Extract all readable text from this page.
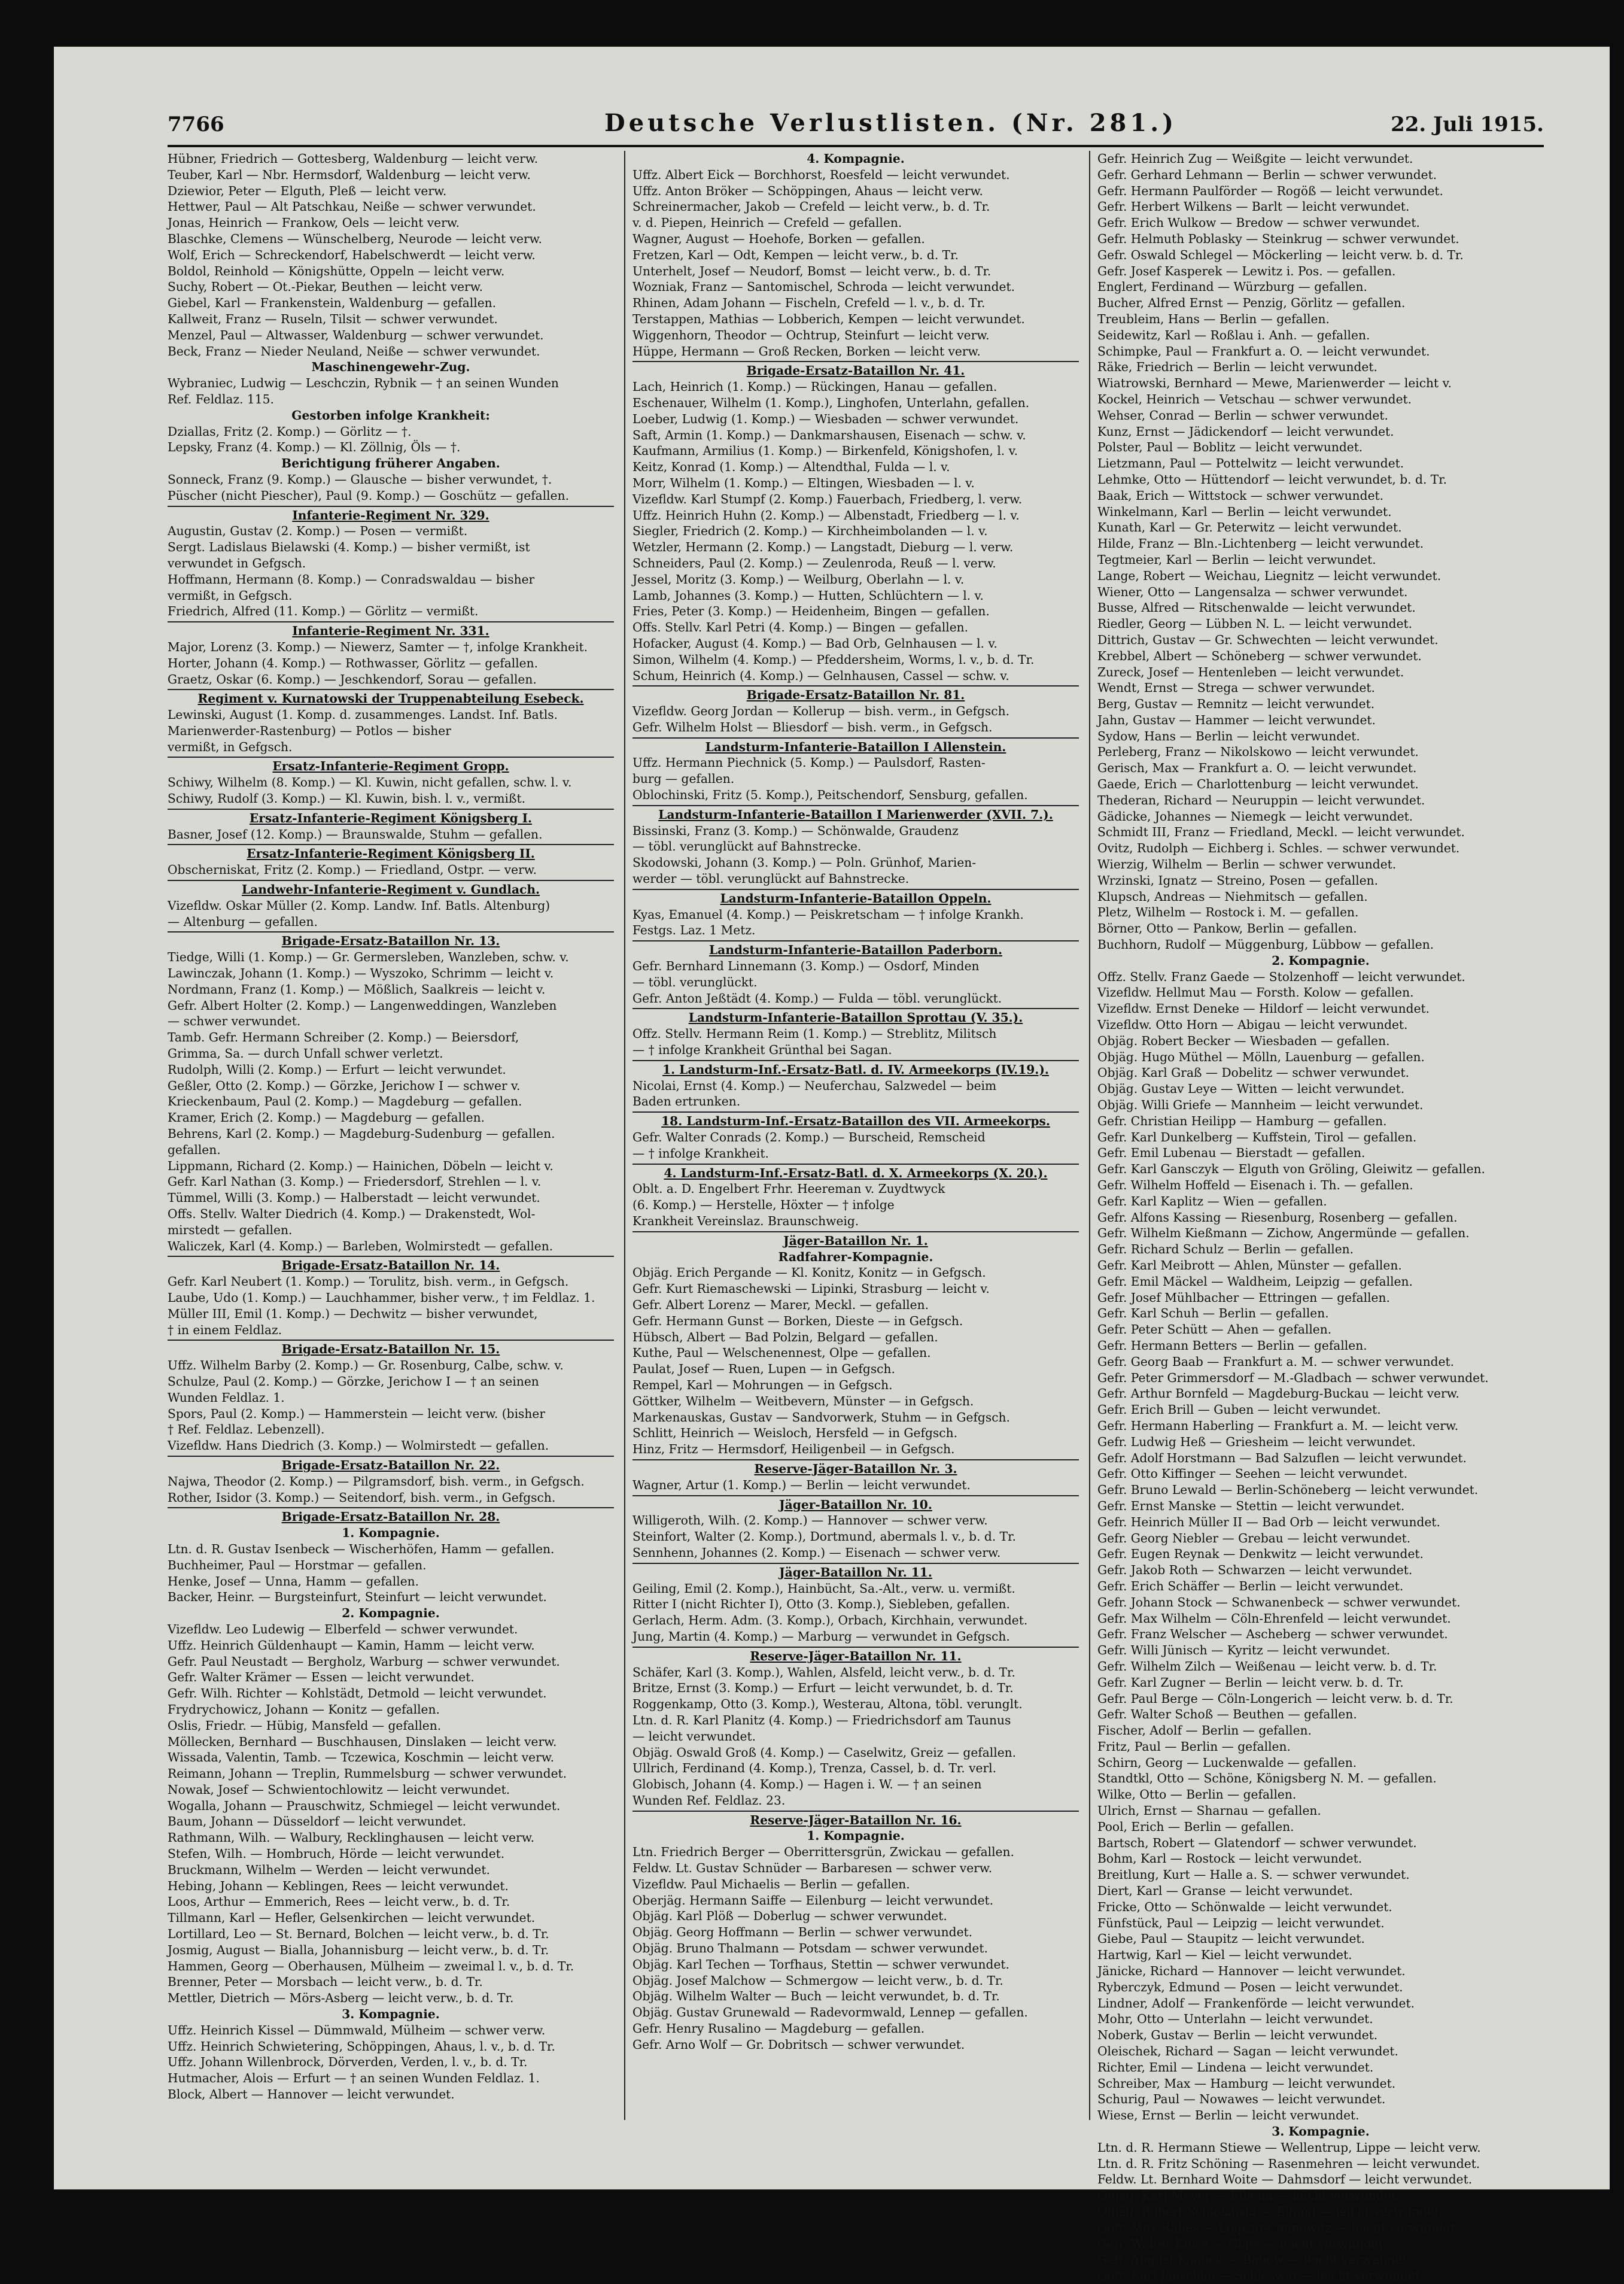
7766	Deutsche Verlustlisten. (Nr. 281.)	22. Juli 1915.
Hübner, Friedrich — Gottesberg, Waldenburg — leicht verw.
Teuber, Karl — Nbr. Hermsdorf, Waldenburg — leicht verw.
Dziewior, Peter — Elguth, Pleß — leicht verw.
Hettwer, Paul — Alt Patschkau, Neiße — schwer verwundet.
Jonas, Heinrich — Frankow, Oels — leicht verw.
Blaschke, Clemens — Wünschelberg, Neurode — leicht verw.
Wolf, Erich — Schreckendorf, Habelschwerdt — leicht verw.
Boldol, Reinhold — Königshütte, Oppeln — leicht verw.
Suchy, Robert — Ot.-Piekar, Beuthen — leicht verw.
Giebel, Karl — Frankenstein, Waldenburg — gefallen.
Kallweit, Franz — Ruseln, Tilsit — schwer verwundet.
Menzel, Paul — Altwasser, Waldenburg — schwer verwundet.
Beck, Franz — Nieder Neuland, Neiße — schwer verwundet.
Maschinengewehr-Zug.
Wybraniec, Ludwig — Leschczin, Rybnik — † an seinen Wunden
Ref. Feldlaz. 115.
Gestorben infolge Krankheit:
Dziallas, Fritz (2. Komp.) — Görlitz — †.
Lepsky, Franz (4. Komp.) — Kl. Zöllnig, Öls — †.
Berichtigung früherer Angaben.
Sonneck, Franz (9. Komp.) — Glausche — bisher verwundet, †.
Püscher (nicht Piescher), Paul (9. Komp.) — Goschütz — gefallen.
Infanterie-Regiment Nr. 329.
Augustin, Gustav (2. Komp.) — Posen — vermißt.
Sergt. Ladislaus Bielawski (4. Komp.) — bisher vermißt, ist
verwundet in Gefgsch.
Hoffmann, Hermann (8. Komp.) — Conradswaldau — bisher
vermißt, in Gefgsch.
Friedrich, Alfred (11. Komp.) — Görlitz — vermißt.
Infanterie-Regiment Nr. 331.
Major, Lorenz (3. Komp.) — Niewerz, Samter — †, infolge Krankheit.
Horter, Johann (4. Komp.) — Rothwasser, Görlitz — gefallen.
Graetz, Oskar (6. Komp.) — Jeschkendorf, Sorau — gefallen.
Regiment v. Kurnatowski der Truppenabteilung Esebeck.
Lewinski, August (1. Komp. d. zusammenges. Landst. Inf. Batls.
Marienwerder-Rastenburg) — Potlos — bisher
vermißt, in Gefgsch.
Ersatz-Infanterie-Regiment Gropp.
Schiwy, Wilhelm (8. Komp.) — Kl. Kuwin, nicht gefallen, schw. l. v.
Schiwy, Rudolf (3. Komp.) — Kl. Kuwin, bish. l. v., vermißt.
Ersatz-Infanterie-Regiment Königsberg I.
Basner, Josef (12. Komp.) — Braunswalde, Stuhm — gefallen.
Ersatz-Infanterie-Regiment Königsberg II.
Obscherniskat, Fritz (2. Komp.) — Friedland, Ostpr. — verw.
Landwehr-Infanterie-Regiment v. Gundlach.
Vizefldw. Oskar Müller (2. Komp. Landw. Inf. Batls. Altenburg)
— Altenburg — gefallen.
Brigade-Ersatz-Bataillon Nr. 13.
Tiedge, Willi (1. Komp.) — Gr. Germersleben, Wanzleben, schw. v.
Lawinczak, Johann (1. Komp.) — Wyszoko, Schrimm — leicht v.
Nordmann, Franz (1. Komp.) — Mößlich, Saalkreis — leicht v.
Gefr. Albert Holter (2. Komp.) — Langenweddingen, Wanzleben
— schwer verwundet.
Tamb. Gefr. Hermann Schreiber (2. Komp.) — Beiersdorf,
Grimma, Sa. — durch Unfall schwer verletzt.
Rudolph, Willi (2. Komp.) — Erfurt — leicht verwundet.
Geßler, Otto (2. Komp.) — Görzke, Jerichow I — schwer v.
Krieckenbaum, Paul (2. Komp.) — Magdeburg — gefallen.
Kramer, Erich (2. Komp.) — Magdeburg — gefallen.
Behrens, Karl (2. Komp.) — Magdeburg-Sudenburg — gefallen.
gefallen.
Lippmann, Richard (2. Komp.) — Hainichen, Döbeln — leicht v.
Gefr. Karl Nathan (3. Komp.) — Friedersdorf, Strehlen — l. v.
Tümmel, Willi (3. Komp.) — Halberstadt — leicht verwundet.
Offs. Stellv. Walter Diedrich (4. Komp.) — Drakenstedt, Wol-
mirstedt — gefallen.
Waliczek, Karl (4. Komp.) — Barleben, Wolmirstedt — gefallen.
Brigade-Ersatz-Bataillon Nr. 14.
Gefr. Karl Neubert (1. Komp.) — Torulitz, bish. verm., in Gefgsch.
Laube, Udo (1. Komp.) — Lauchhammer, bisher verw., † im Feldlaz. 1.
Müller III, Emil (1. Komp.) — Dechwitz — bisher verwundet,
† in einem Feldlaz.
Brigade-Ersatz-Bataillon Nr. 15.
Uffz. Wilhelm Barby (2. Komp.) — Gr. Rosenburg, Calbe, schw. v.
Schulze, Paul (2. Komp.) — Görzke, Jerichow I — † an seinen
Wunden Feldlaz. 1.
Spors, Paul (2. Komp.) — Hammerstein — leicht verw. (bisher
† Ref. Feldlaz. Lebenzell).
Vizefldw. Hans Diedrich (3. Komp.) — Wolmirstedt — gefallen.
Brigade-Ersatz-Bataillon Nr. 22.
Najwa, Theodor (2. Komp.) — Pilgramsdorf, bish. verm., in Gefgsch.
Rother, Isidor (3. Komp.) — Seitendorf, bish. verm., in Gefgsch.
Brigade-Ersatz-Bataillon Nr. 28.
1. Kompagnie.
Ltn. d. R. Gustav Isenbeck — Wischerhöfen, Hamm — gefallen.
Buchheimer, Paul — Horstmar — gefallen.
Henke, Josef — Unna, Hamm — gefallen.
Backer, Heinr. — Burgsteinfurt, Steinfurt — leicht verwundet.
2. Kompagnie.
Vizefldw. Leo Ludewig — Elberfeld — schwer verwundet.
Uffz. Heinrich Güldenhaupt — Kamin, Hamm — leicht verw.
Gefr. Paul Neustadt — Bergholz, Warburg — schwer verwundet.
Gefr. Walter Krämer — Essen — leicht verwundet.
Gefr. Wilh. Richter — Kohlstädt, Detmold — leicht verwundet.
Frydrychowicz, Johann — Konitz — gefallen.
Oslis, Friedr. — Hübig, Mansfeld — gefallen.
Möllecken, Bernhard — Buschhausen, Dinslaken — leicht verw.
Wissada, Valentin, Tamb. — Tczewica, Koschmin — leicht verw.
Reimann, Johann — Treplin, Rummelsburg — schwer verwundet.
Nowak, Josef — Schwientochlowitz — leicht verwundet.
Wogalla, Johann — Prauschwitz, Schmiegel — leicht verwundet.
Baum, Johann — Düsseldorf — leicht verwundet.
Rathmann, Wilh. — Walbury, Recklinghausen — leicht verw.
Stefen, Wilh. — Hombruch, Hörde — leicht verwundet.
Bruckmann, Wilhelm — Werden — leicht verwundet.
Hebing, Johann — Keblingen, Rees — leicht verwundet.
Loos, Arthur — Emmerich, Rees — leicht verw., b. d. Tr.
Tillmann, Karl — Hefler, Gelsenkirchen — leicht verwundet.
Lortillard, Leo — St. Bernard, Bolchen — leicht verw., b. d. Tr.
Josmig, August — Bialla, Johannisburg — leicht verw., b. d. Tr.
Hammen, Georg — Oberhausen, Mülheim — zweimal l. v., b. d. Tr.
Brenner, Peter — Morsbach — leicht verw., b. d. Tr.
Mettler, Dietrich — Mörs-Asberg — leicht verw., b. d. Tr.
3. Kompagnie.
Uffz. Heinrich Kissel — Dümmwald, Mülheim — schwer verw.
Uffz. Heinrich Schwietering, Schöppingen, Ahaus, l. v., b. d. Tr.
Uffz. Johann Willenbrock, Dörverden, Verden, l. v., b. d. Tr.
Hutmacher, Alois — Erfurt — † an seinen Wunden Feldlaz. 1.
Block, Albert — Hannover — leicht verwundet.
4. Kompagnie.
Uffz. Albert Eick — Borchhorst, Roesfeld — leicht verwundet.
Uffz. Anton Bröker — Schöppingen, Ahaus — leicht verw.
Schreinermacher, Jakob — Crefeld — leicht verw., b. d. Tr.
v. d. Piepen, Heinrich — Crefeld — gefallen.
Wagner, August — Hoehofe, Borken — gefallen.
Fretzen, Karl — Odt, Kempen — leicht verw., b. d. Tr.
Unterhelt, Josef — Neudorf, Bomst — leicht verw., b. d. Tr.
Wozniak, Franz — Santomischel, Schroda — leicht verwundet.
Rhinen, Adam Johann — Fischeln, Crefeld — l. v., b. d. Tr.
Terstappen, Mathias — Lobberich, Kempen — leicht verwundet.
Wiggenhorn, Theodor — Ochtrup, Steinfurt — leicht verw.
Hüppe, Hermann — Groß Recken, Borken — leicht verw.
Brigade-Ersatz-Bataillon Nr. 41.
Lach, Heinrich (1. Komp.) — Rückingen, Hanau — gefallen.
Eschenauer, Wilhelm (1. Komp.), Linghofen, Unterlahn, gefallen.
Loeber, Ludwig (1. Komp.) — Wiesbaden — schwer verwundet.
Saft, Armin (1. Komp.) — Dankmarshausen, Eisenach — schw. v.
Kaufmann, Armilius (1. Komp.) — Birkenfeld, Königshofen, l. v.
Keitz, Konrad (1. Komp.) — Altendthal, Fulda — l. v.
Morr, Wilhelm (1. Komp.) — Eltingen, Wiesbaden — l. v.
Vizefldw. Karl Stumpf (2. Komp.) Fauerbach, Friedberg, l. verw.
Uffz. Heinrich Huhn (2. Komp.) — Albenstadt, Friedberg — l. v.
Siegler, Friedrich (2. Komp.) — Kirchheimbolanden — l. v.
Wetzler, Hermann (2. Komp.) — Langstadt, Dieburg — l. verw.
Schneiders, Paul (2. Komp.) — Zeulenroda, Reuß — l. verw.
Jessel, Moritz (3. Komp.) — Weilburg, Oberlahn — l. v.
Lamb, Johannes (3. Komp.) — Hutten, Schlüchtern — l. v.
Fries, Peter (3. Komp.) — Heidenheim, Bingen — gefallen.
Offs. Stellv. Karl Petri (4. Komp.) — Bingen — gefallen.
Hofacker, August (4. Komp.) — Bad Orb, Gelnhausen — l. v.
Simon, Wilhelm (4. Komp.) — Pfeddersheim, Worms, l. v., b. d. Tr.
Schum, Heinrich (4. Komp.) — Gelnhausen, Cassel — schw. v.
Brigade-Ersatz-Bataillon Nr. 81.
Vizefldw. Georg Jordan — Kollerup — bish. verm., in Gefgsch.
Gefr. Wilhelm Holst — Bliesdorf — bish. verm., in Gefgsch.
Landsturm-Infanterie-Bataillon I Allenstein.
Uffz. Hermann Piechnick (5. Komp.) — Paulsdorf, Rasten-
burg — gefallen.
Oblochinski, Fritz (5. Komp.), Peitschendorf, Sensburg, gefallen.
Landsturm-Infanterie-Bataillon I Marienwerder (XVII. 7.).
Bissinski, Franz (3. Komp.) — Schönwalde, Graudenz
— töbl. verunglückt auf Bahnstrecke.
Skodowski, Johann (3. Komp.) — Poln. Grünhof, Marien-
werder — töbl. verunglückt auf Bahnstrecke.
Landsturm-Infanterie-Bataillon Oppeln.
Kyas, Emanuel (4. Komp.) — Peiskretscham — † infolge Krankh.
Festgs. Laz. 1 Metz.
Landsturm-Infanterie-Bataillon Paderborn.
Gefr. Bernhard Linnemann (3. Komp.) — Osdorf, Minden
— töbl. verunglückt.
Gefr. Anton Jeßtädt (4. Komp.) — Fulda — töbl. verunglückt.
Landsturm-Infanterie-Bataillon Sprottau (V. 35.).
Offz. Stellv. Hermann Reim (1. Komp.) — Streblitz, Militsch
— † infolge Krankheit Grünthal bei Sagan.
1. Landsturm-Inf.-Ersatz-Batl. d. IV. Armeekorps (IV.19.).
Nicolai, Ernst (4. Komp.) — Neuferchau, Salzwedel — beim
Baden ertrunken.
18. Landsturm-Inf.-Ersatz-Bataillon des VII. Armeekorps.
Gefr. Walter Conrads (2. Komp.) — Burscheid, Remscheid
— † infolge Krankheit.
4. Landsturm-Inf.-Ersatz-Batl. d. X. Armeekorps (X. 20.).
Oblt. a. D. Engelbert Frhr. Heereman v. Zuydtwyck
(6. Komp.) — Herstelle, Höxter — † infolge
Krankheit Vereinslaz. Braunschweig.
Jäger-Bataillon Nr. 1.
Radfahrer-Kompagnie.
Objäg. Erich Pergande — Kl. Konitz, Konitz — in Gefgsch.
Gefr. Kurt Riemaschewski — Lipinki, Strasburg — leicht v.
Gefr. Albert Lorenz — Marer, Meckl. — gefallen.
Gefr. Hermann Gunst — Borken, Dieste — in Gefgsch.
Hübsch, Albert — Bad Polzin, Belgard — gefallen.
Kuthe, Paul — Welschenennest, Olpe — gefallen.
Paulat, Josef — Ruen, Lupen — in Gefgsch.
Rempel, Karl — Mohrungen — in Gefgsch.
Göttker, Wilhelm — Weitbevern, Münster — in Gefgsch.
Markenauskas, Gustav — Sandvorwerk, Stuhm — in Gefgsch.
Schlitt, Heinrich — Weisloch, Hersfeld — in Gefgsch.
Hinz, Fritz — Hermsdorf, Heiligenbeil — in Gefgsch.
Reserve-Jäger-Bataillon Nr. 3.
Wagner, Artur (1. Komp.) — Berlin — leicht verwundet.
Jäger-Bataillon Nr. 10.
Willigeroth, Wilh. (2. Komp.) — Hannover — schwer verw.
Steinfort, Walter (2. Komp.), Dortmund, abermals l. v., b. d. Tr.
Sennhenn, Johannes (2. Komp.) — Eisenach — schwer verw.
Jäger-Bataillon Nr. 11.
Geiling, Emil (2. Komp.), Hainbücht, Sa.-Alt., verw. u. vermißt.
Ritter I (nicht Richter I), Otto (3. Komp.), Siebleben, gefallen.
Gerlach, Herm. Adm. (3. Komp.), Orbach, Kirchhain, verwundet.
Jung, Martin (4. Komp.) — Marburg — verwundet in Gefgsch.
Reserve-Jäger-Bataillon Nr. 11.
Schäfer, Karl (3. Komp.), Wahlen, Alsfeld, leicht verw., b. d. Tr.
Britze, Ernst (3. Komp.) — Erfurt — leicht verwundet, b. d. Tr.
Roggenkamp, Otto (3. Komp.), Westerau, Altona, töbl. verunglt.
Ltn. d. R. Karl Planitz (4. Komp.) — Friedrichsdorf am Taunus
— leicht verwundet.
Objäg. Oswald Groß (4. Komp.) — Caselwitz, Greiz — gefallen.
Ullrich, Ferdinand (4. Komp.), Trenza, Cassel, b. d. Tr. verl.
Globisch, Johann (4. Komp.) — Hagen i. W. — † an seinen
Wunden Ref. Feldlaz. 23.
Reserve-Jäger-Bataillon Nr. 16.
1. Kompagnie.
Ltn. Friedrich Berger — Oberrittersgrün, Zwickau — gefallen.
Feldw. Lt. Gustav Schnüder — Barbaresen — schwer verw.
Vizefldw. Paul Michaelis — Berlin — gefallen.
Oberjäg. Hermann Saiffe — Eilenburg — leicht verwundet.
Objäg. Karl Plöß — Doberlug — schwer verwundet.
Objäg. Georg Hoffmann — Berlin — schwer verwundet.
Objäg. Bruno Thalmann — Potsdam — schwer verwundet.
Objäg. Karl Techen — Torfhaus, Stettin — schwer verwundet.
Objäg. Josef Malchow — Schmergow — leicht verw., b. d. Tr.
Objäg. Wilhelm Walter — Buch — leicht verwundet, b. d. Tr.
Objäg. Gustav Grunewald — Radevormwald, Lennep — gefallen.
Gefr. Henry Rusalino — Magdeburg — gefallen.
Gefr. Arno Wolf — Gr. Dobritsch — schwer verwundet.
Gefr. Heinrich Zug — Weißgite — leicht verwundet.
Gefr. Gerhard Lehmann — Berlin — schwer verwundet.
Gefr. Hermann Paulförder — Rogöß — leicht verwundet.
Gefr. Herbert Wilkens — Barlt — leicht verwundet.
Gefr. Erich Wulkow — Bredow — schwer verwundet.
Gefr. Helmuth Poblasky — Steinkrug — schwer verwundet.
Gefr. Oswald Schlegel — Möckerling — leicht verw. b. d. Tr.
Gefr. Josef Kasperek — Lewitz i. Pos. — gefallen.
Englert, Ferdinand — Würzburg — gefallen.
Bucher, Alfred Ernst — Penzig, Görlitz — gefallen.
Treubleim, Hans — Berlin — gefallen.
Seidewitz, Karl — Roßlau i. Anh. — gefallen.
Schimpke, Paul — Frankfurt a. O. — leicht verwundet.
Räke, Friedrich — Berlin — leicht verwundet.
Wiatrowski, Bernhard — Mewe, Marienwerder — leicht v.
Kockel, Heinrich — Vetschau — schwer verwundet.
Wehser, Conrad — Berlin — schwer verwundet.
Kunz, Ernst — Jädickendorf — leicht verwundet.
Polster, Paul — Boblitz — leicht verwundet.
Lietzmann, Paul — Pottelwitz — leicht verwundet.
Lehmke, Otto — Hüttendorf — leicht verwundet, b. d. Tr.
Baak, Erich — Wittstock — schwer verwundet.
Winkelmann, Karl — Berlin — leicht verwundet.
Kunath, Karl — Gr. Peterwitz — leicht verwundet.
Hilde, Franz — Bln.-Lichtenberg — leicht verwundet.
Tegtmeier, Karl — Berlin — leicht verwundet.
Lange, Robert — Weichau, Liegnitz — leicht verwundet.
Wiener, Otto — Langensalza — schwer verwundet.
Busse, Alfred — Ritschenwalde — leicht verwundet.
Riedler, Georg — Lübben N. L. — leicht verwundet.
Dittrich, Gustav — Gr. Schwechten — leicht verwundet.
Krebbel, Albert — Schöneberg — schwer verwundet.
Zureck, Josef — Hentenleben — leicht verwundet.
Wendt, Ernst — Strega — schwer verwundet.
Berg, Gustav — Remnitz — leicht verwundet.
Jahn, Gustav — Hammer — leicht verwundet.
Sydow, Hans — Berlin — leicht verwundet.
Perleberg, Franz — Nikolskowo — leicht verwundet.
Gerisch, Max — Frankfurt a. O. — leicht verwundet.
Gaede, Erich — Charlottenburg — leicht verwundet.
Thederan, Richard — Neuruppin — leicht verwundet.
Gädicke, Johannes — Niemegk — leicht verwundet.
Schmidt III, Franz — Friedland, Meckl. — leicht verwundet.
Ovitz, Rudolph — Eichberg i. Schles. — schwer verwundet.
Wierzig, Wilhelm — Berlin — schwer verwundet.
Wrzinski, Ignatz — Streino, Posen — gefallen.
Klupsch, Andreas — Niehmitsch — gefallen.
Pletz, Wilhelm — Rostock i. M. — gefallen.
Börner, Otto — Pankow, Berlin — gefallen.
Buchhorn, Rudolf — Müggenburg, Lübbow — gefallen.
2. Kompagnie.
Offz. Stellv. Franz Gaede — Stolzenhoff — leicht verwundet.
Vizefldw. Hellmut Mau — Forsth. Kolow — gefallen.
Vizefldw. Ernst Deneke — Hildorf — leicht verwundet.
Vizefldw. Otto Horn — Abigau — leicht verwundet.
Objäg. Robert Becker — Wiesbaden — gefallen.
Objäg. Hugo Müthel — Mölln, Lauenburg — gefallen.
Objäg. Karl Graß — Dobelitz — schwer verwundet.
Objäg. Gustav Leye — Witten — leicht verwundet.
Objäg. Willi Griefe — Mannheim — leicht verwundet.
Gefr. Christian Heilipp — Hamburg — gefallen.
Gefr. Karl Dunkelberg — Kuffstein, Tirol — gefallen.
Gefr. Emil Lubenau — Bierstadt — gefallen.
Gefr. Karl Gansczyk — Elguth von Gröling, Gleiwitz — gefallen.
Gefr. Wilhelm Hoffeld — Eisenach i. Th. — gefallen.
Gefr. Karl Kaplitz — Wien — gefallen.
Gefr. Alfons Kassing — Riesenburg, Rosenberg — gefallen.
Gefr. Wilhelm Kießmann — Zichow, Angermünde — gefallen.
Gefr. Richard Schulz — Berlin — gefallen.
Gefr. Karl Meibrott — Ahlen, Münster — gefallen.
Gefr. Emil Mäckel — Waldheim, Leipzig — gefallen.
Gefr. Josef Mühlbacher — Ettringen — gefallen.
Gefr. Karl Schuh — Berlin — gefallen.
Gefr. Peter Schütt — Ahen — gefallen.
Gefr. Hermann Betters — Berlin — gefallen.
Gefr. Georg Baab — Frankfurt a. M. — schwer verwundet.
Gefr. Peter Grimmersdorf — M.-Gladbach — schwer verwundet.
Gefr. Arthur Bornfeld — Magdeburg-Buckau — leicht verw.
Gefr. Erich Brill — Guben — leicht verwundet.
Gefr. Hermann Haberling — Frankfurt a. M. — leicht verw.
Gefr. Ludwig Heß — Griesheim — leicht verwundet.
Gefr. Adolf Horstmann — Bad Salzuflen — leicht verwundet.
Gefr. Otto Kiffinger — Seehen — leicht verwundet.
Gefr. Bruno Lewald — Berlin-Schöneberg — leicht verwundet.
Gefr. Ernst Manske — Stettin — leicht verwundet.
Gefr. Heinrich Müller II — Bad Orb — leicht verwundet.
Gefr. Georg Niebler — Grebau — leicht verwundet.
Gefr. Eugen Reynak — Denkwitz — leicht verwundet.
Gefr. Jakob Roth — Schwarzen — leicht verwundet.
Gefr. Erich Schäffer — Berlin — leicht verwundet.
Gefr. Johann Stock — Schwanenbeck — schwer verwundet.
Gefr. Max Wilhelm — Cöln-Ehrenfeld — leicht verwundet.
Gefr. Franz Welscher — Ascheberg — schwer verwundet.
Gefr. Willi Jünisch — Kyritz — leicht verwundet.
Gefr. Wilhelm Zilch — Weißenau — leicht verw. b. d. Tr.
Gefr. Karl Zugner — Berlin — leicht verw. b. d. Tr.
Gefr. Paul Berge — Cöln-Longerich — leicht verw. b. d. Tr.
Gefr. Walter Schoß — Beuthen — gefallen.
Fischer, Adolf — Berlin — gefallen.
Fritz, Paul — Berlin — gefallen.
Schirn, Georg — Luckenwalde — gefallen.
Standtkl, Otto — Schöne, Königsberg N. M. — gefallen.
Wilke, Otto — Berlin — gefallen.
Ulrich, Ernst — Sharnau — gefallen.
Pool, Erich — Berlin — gefallen.
Bartsch, Robert — Glatendorf — schwer verwundet.
Bohm, Karl — Rostock — leicht verwundet.
Breitlung, Kurt — Halle a. S. — schwer verwundet.
Diert, Karl — Granse — leicht verwundet.
Fricke, Otto — Schönwalde — leicht verwundet.
Fünfstück, Paul — Leipzig — leicht verwundet.
Giebe, Paul — Staupitz — leicht verwundet.
Hartwig, Karl — Kiel — leicht verwundet.
Jänicke, Richard — Hannover — leicht verwundet.
Ryberczyk, Edmund — Posen — leicht verwundet.
Lindner, Adolf — Frankenförde — leicht verwundet.
Mohr, Otto — Unterlahn — leicht verwundet.
Noberk, Gustav — Berlin — leicht verwundet.
Oleischek, Richard — Sagan — leicht verwundet.
Richter, Emil — Lindena — leicht verwundet.
Schreiber, Max — Hamburg — leicht verwundet.
Schurig, Paul — Nowawes — leicht verwundet.
Wiese, Ernst — Berlin — leicht verwundet.
3. Kompagnie.
Ltn. d. R. Hermann Stiewe — Wellentrup, Lippe — leicht verw.
Ltn. d. R. Fritz Schöning — Rasenmehren — leicht verwundet.
Feldw. Lt. Bernhard Woite — Dahmsdorf — leicht verwundet.
Objäg. Karl Meyer — Elbena — leicht verwundet.
Objäg. Robert Schlosinski — Elbing — leicht verwundet.
Gefr. Max Rabes — Leipzig-Connewitz — leicht verwundet.
Gefr. Walter Klose — Glatz — leicht verwundet.
Gefr. August Koalick — Babow — leicht verwundet.
Gefr. Karl Jaeschke — Schleswig — leicht verwundet.
